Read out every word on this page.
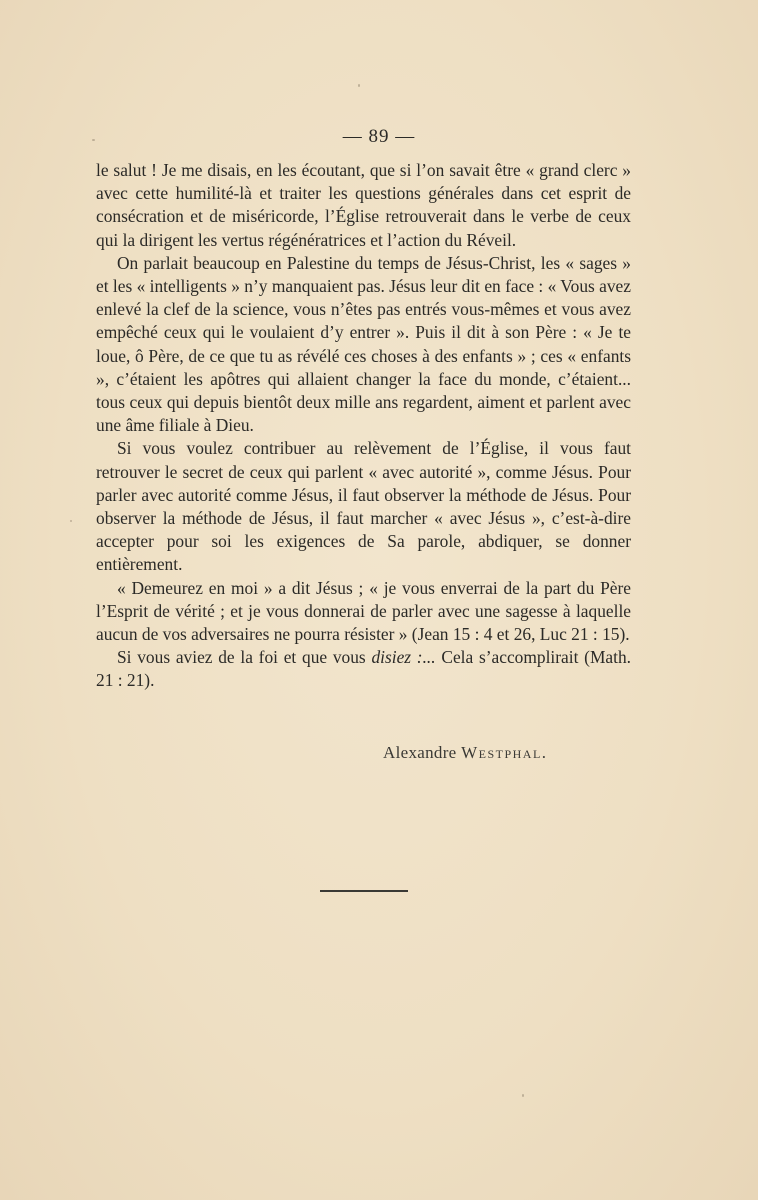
— 89 —

le salut ! Je me disais, en les écoutant, que si l’on savait être « grand clerc » avec cette humilité-là et traiter les questions générales dans cet esprit de consécration et de miséricorde, l’Église retrouverait dans le verbe de ceux qui la dirigent les vertus régénératrices et l’action du Réveil.

On parlait beaucoup en Palestine du temps de Jésus-Christ, les « sages » et les « intelligents » n’y manquaient pas. Jésus leur dit en face : « Vous avez enlevé la clef de la science, vous n’êtes pas entrés vous-mêmes et vous avez empêché ceux qui le voulaient d’y entrer ». Puis il dit à son Père : « Je te loue, ô Père, de ce que tu as révélé ces choses à des enfants » ; ces « enfants », c’étaient les apôtres qui allaient changer la face du monde, c’étaient... tous ceux qui depuis bientôt deux mille ans regardent, aiment et parlent avec une âme filiale à Dieu.

Si vous voulez contribuer au relèvement de l’Église, il vous faut retrouver le secret de ceux qui parlent « avec autorité », comme Jésus. Pour parler avec autorité comme Jésus, il faut observer la méthode de Jésus. Pour observer la méthode de Jésus, il faut marcher « avec Jésus », c’est-à-dire accepter pour soi les exigences de Sa parole, abdiquer, se donner entièrement.

« Demeurez en moi » a dit Jésus ; « je vous enverrai de la part du Père l’Esprit de vérité ; et je vous donnerai de parler avec une sagesse à laquelle aucun de vos adversaires ne pourra résister » (Jean 15 : 4 et 26, Luc 21 : 15).

Si vous aviez de la foi et que vous disiez :... Cela s’accomplirait (Math. 21 : 21).

Alexandre Westphal.
